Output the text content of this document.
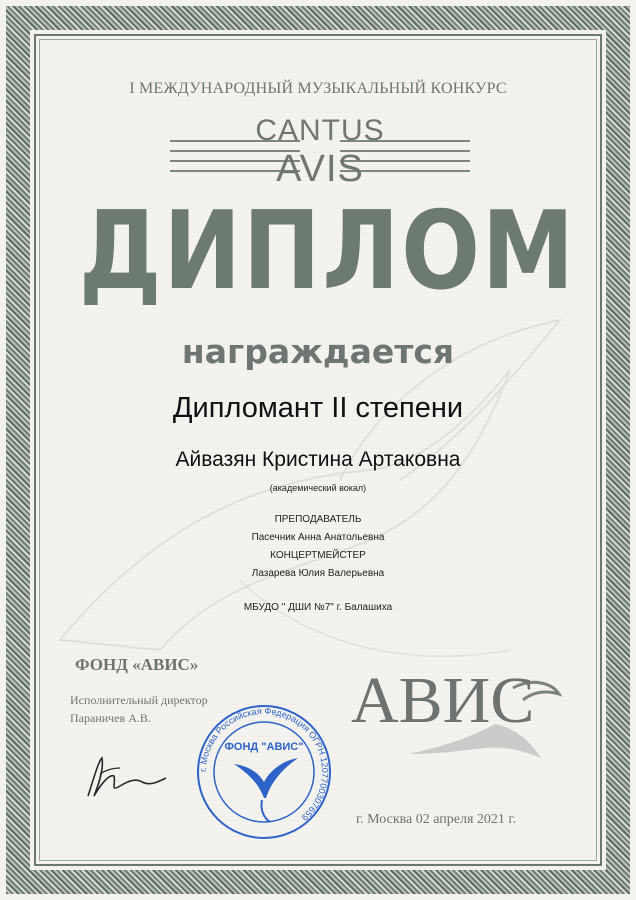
I МЕЖДУНАРОДНЫЙ МУЗЫКАЛЬНЫЙ КОНКУРС
CANTUS
AVIS
ДИПЛОМ
награждается
Дипломант II степени
Айвазян Кристина Артаковна
(академический вокал)
ПРЕПОДАВАТЕЛЬ
Пасечник Анна Анатольевна
КОНЦЕРТМЕЙСТЕР
Лазарева Юлия Валерьевна
МБУДО " ДШИ №7" г. Балашиха
ФОНД «АВИС»
Исполнительный директор
Параничев А.В.
г. Москва Российская Федерация ОГРН 1207700307659
ФОНД "АВИС"
АВИС
г. Москва 02 апреля 2021 г.
